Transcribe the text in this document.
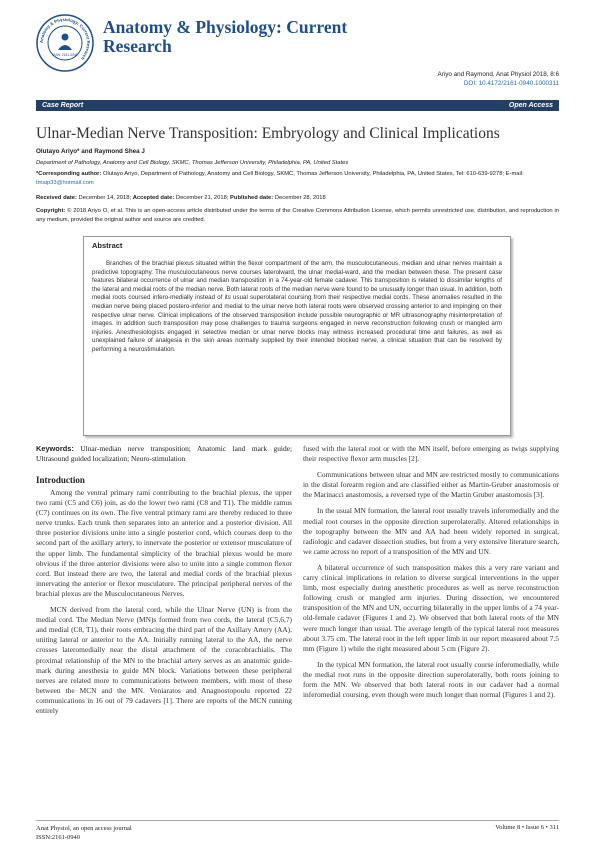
Anatomy & Physiology: Current Research
ISSN: 2161-0940
Anatomy & Physiology: Current Research
Ariyo and Raymond, Anat Physiol 2018, 8:6
DOI: 10.4172/2161-0940.1000311
Case Report	Open Access
Ulnar-Median Nerve Transposition: Embryology and Clinical Implications
Olutayo Ariyo* and Raymond Shea J
Department of Pathology, Anatomy and Cell Biology, SKMC, Thomas Jefferson University, Philadelphia, PA, United States
*Corresponding author: Olutayo Ariyo, Department of Pathology, Anatomy and Cell Biology, SKMC, Thomas Jefferson University, Philadelphia, PA, United States, Tel: 610-639-9278; E-mail: tmaip33@hotmail.com
Received date: December 14, 2018; Accepted date: December 21, 2018; Published date: December 28, 2018
Copyright: © 2018 Ariyo O, et al. This is an open-access article distributed under the terms of the Creative Commons Attribution License, which permits unrestricted use, distribution, and reproduction in any medium, provided the original author and source are credited.
Abstract

Branches of the brachial plexus situated within the flexor compartment of the arm, the musculocutaneous, median and ulnar nerves maintain a predictive topography. The musculocutaneous nerve courses laterolward, the ulnar medial-ward, and the median between these. The present case features bilateral occurrence of ulnar and median transposition in a 74-year-old female cadaver. This transposition is related to dissimilar lengths of the lateral and medial roots of the median nerve. Both lateral roots of the median nerve were found to be unusually longer than usual. In addition, both medial roots coursed infero-medially instead of its usual superolateral coursing from their respective medial cords. These anomalies resulted in the median nerve being placed postero-inferior and medial to the ulnar nerve both lateral roots were observed crossing anterior to and impinging on their respective ulnar nerve. Clinical implications of the observed transposition include possible neurographic or MR ultrasonography misinterpretation of images. In addition such transposition may pose challenges to trauma surgeons engaged in nerve reconstruction following crush or mangled arm injuries. Anesthesiologists engaged in selective median or ulnar nerve blocks may witness increased procedural time and failures, as well as unexplained failure of analgesia in the skin areas normally supplied by their intended blocked nerve, a clinical situation that can be resolved by performing a neurostimulation.

Keywords: Ulnar-median nerve transposition; Anatomic land mark guide; Ultrasound guided localization; Neuro-stimulation
Introduction

Among the ventral primary rami contributing to the brachial plexus, the upper two rami (C5 and C6) join, as do the lower two rami (C8 and T1). The middle ramus (C7) continues on its own. The five ventral primary rami are thereby reduced to three nerve trunks. Each trunk then separates into an anterior and a posterior division. All three posterior divisions unite into a single posterior cord, which courses deep to the second part of the axillary artery, to innervate the posterior or extensor musculature of the upper limb. The fundamental simplicity of the brachial plexus would be more obvious if the three anterior divisions were also to unite into a single common flexor cord. But instead there are two, the lateral and medial cords of the brachial plexus innervating the anterior or flexor musculature. The principal peripheral nerves of the brachial plexus are the Musculocutaneous Nerves.

MCN derived from the lateral cord, while the Ulnar Nerve (UN) is from the medial cord. The Median Nerve (MN)s formed from two cords, the lateral (C5,6,7) and medial (C8, T1), their roots embracing the third part of the Axillary Artery (AA), uniting lateral or anterior to the AA. Initially running lateral to the AA, the nerve crosses lateromedially near the distal attachment of the coracobrachialis. The proximal relationship of the MN to the brachial artery serves as an anatomic guide-mark during anesthesia to guide MN block. Variations between these peripheral nerves are related more to communications between members, with most of these between the MCN and the MN. Veniaratos and Anagnostopoulu reported 22 communications in 16 out of 79 cadavers [1]. There are reports of the MCN running entirely

fused with the lateral root or with the MN itself, before emerging as twigs supplying their respective flexor arm muscles [2].

Communications between ulnar and MN are restricted mostly to communications in the distal forearm region and are classified either as Martin-Gruber anastomosis or the Marinacci anastomosis, a reversed type of the Martin Gruber anastomosis [3].

In the usual MN formation, the lateral root usually travels inferomedially and the medial root courses in the opposite direction superolaterally. Altered relationships in the topography between the MN and AA had been widely reported in surgical, radiologic and cadaver dissection studies, but from a very extensive literature search, we came across no report of a transposition of the MN and UN.

A bilateral occurrence of such transposition makes this a very rare variant and carry clinical implications in relation to diverse surgical interventions in the upper limb, most especially during anesthetic procedures as well as nerve reconstruction following crush or mangled arm injuries. During dissection, we encountered transposition of the MN and UN, occurring bilaterally in the upper limbs of a 74 year-old-female cadaver (Figures 1 and 2). We observed that both lateral roots of the MN were much longer than usual. The average length of the typical lateral root measures about 3.75 cm. The lateral root in the left upper limb in our report measured about 7.5 mm (Figure 1) while the right measured about 5 cm (Figure 2).

In the typical MN formation, the lateral root usually course inferomedially, while the medial root runs in the opposite direction superolaterally, both roots joining to form the MN. We observed that both lateral roots in our cadaver had a normal inferomedial coursing, even though were much longer than normal (Figures 1 and 2).

Anat Physiol, an open access journal
ISSN:2161-0940
Volume 8 • Issue 6 • 311
